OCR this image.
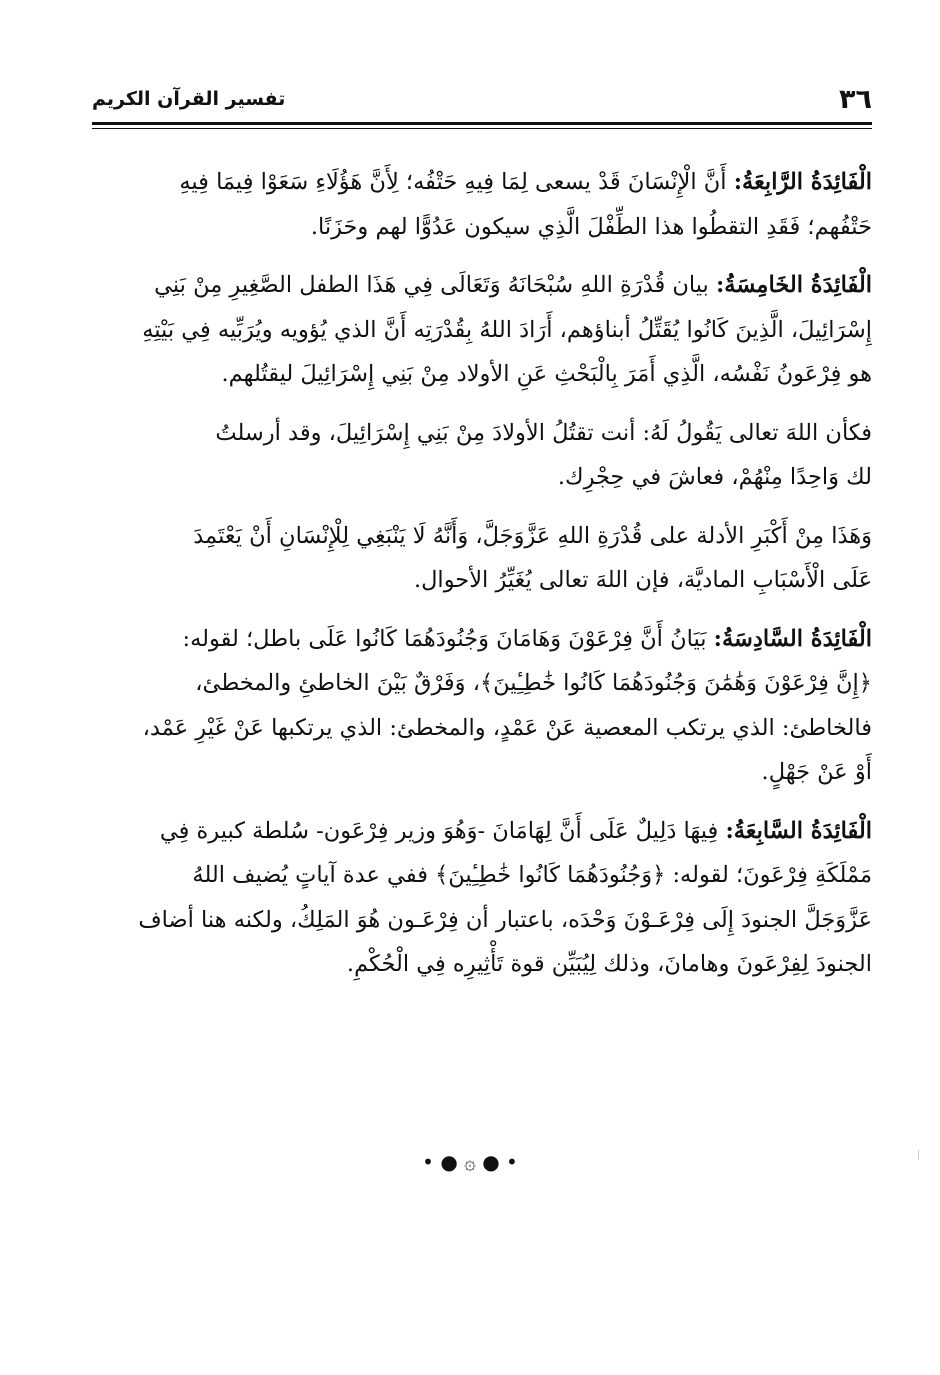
٣٦
تفسير القرآن الكريم
الْفَائِدَةُ الرَّابِعَةُ: أَنَّ الْإِنْسَانَ قَدْ يسعى لِمَا فِيهِ حَتْفُه؛ لِأَنَّ هَؤُلَاءِ سَعَوْا فِيمَا فِيهِ
حَتْفُهم؛ فَقَدِ التقطُوا هذا الطِّفْلَ الَّذِي سيكون عَدُوًّا لهم وحَزَنًا.
الْفَائِدَةُ الخَامِسَةُ: بيان قُدْرَةِ اللهِ سُبْحَانَهُ وَتَعَالَى فِي هَذَا الطفل الصَّغِيرِ مِنْ بَنِي
إِسْرَائِيلَ، الَّذِينَ كَانُوا يُقَتِّلُ أبناؤهم، أَرَادَ اللهُ بِقُدْرَتِه أَنَّ الذي يُؤويه ويُرَبِّيه فِي بَيْتِهِ
هو فِرْعَونُ نَفْسُه، الَّذِي أَمَرَ بِالْبَحْثِ عَنِ الأولاد مِنْ بَنِي إِسْرَائِيلَ ليقتُلهم.
فكأن اللهَ تعالى يَقُولُ لَهُ: أنت تقتُلُ الأولادَ مِنْ بَنِي إِسْرَائِيلَ، وقد أرسلتُ
لك وَاحِدًا مِنْهُمْ، فعاشَ في حِجْرِك.
وَهَذَا مِنْ أَكْبَرِ الأدلة على قُدْرَةِ اللهِ عَزَّوَجَلَّ، وَأَنَّهُ لَا يَنْبَغِي لِلْإِنْسَانِ أَنْ يَعْتَمِدَ
عَلَى الْأَسْبَابِ الماديَّة، فإن اللهَ تعالى يُغَيِّرُ الأحوال.
الْفَائِدَةُ السَّادِسَةُ: بَيَانُ أَنَّ فِرْعَوْنَ وَهَامَانَ وَجُنُودَهُمَا كَانُوا عَلَى باطل؛ لقوله:
﴿إِنَّ فِرْعَوْنَ وَهَٰمَٰنَ وَجُنُودَهُمَا كَانُوا خَٰطِـِٔينَ﴾، وَفَرْقٌ بَيْنَ الخاطئِ والمخطئ،
فالخاطئ: الذي يرتكب المعصية عَنْ عَمْدٍ، والمخطئ: الذي يرتكبها عَنْ غَيْرِ عَمْد،
أَوْ عَنْ جَهْلٍ.
الْفَائِدَةُ السَّابِعَةُ: فِيهَا دَلِيلٌ عَلَى أَنَّ لِهَامَانَ -وَهُوَ وزير فِرْعَون- سُلطة كبيرة فِي
مَمْلَكَةِ فِرْعَونَ؛ لقوله: ﴿وَجُنُودَهُمَا كَانُوا خَٰطِـِٔينَ﴾ ففي عدة آياتٍ يُضيف اللهُ
عَزَّوَجَلَّ الجنودَ إِلَى فِرْعَـوْنَ وَحْدَه، باعتبار أن فِرْعَـون هُوَ المَلِكُ، ولكنه هنا أضاف
الجنودَ لِفِرْعَونَ وهامانَ، وذلك لِيُبَيِّن قوة تَأْثِيرِه فِي الْحُكْمِ.
• ● ۞ ● •
